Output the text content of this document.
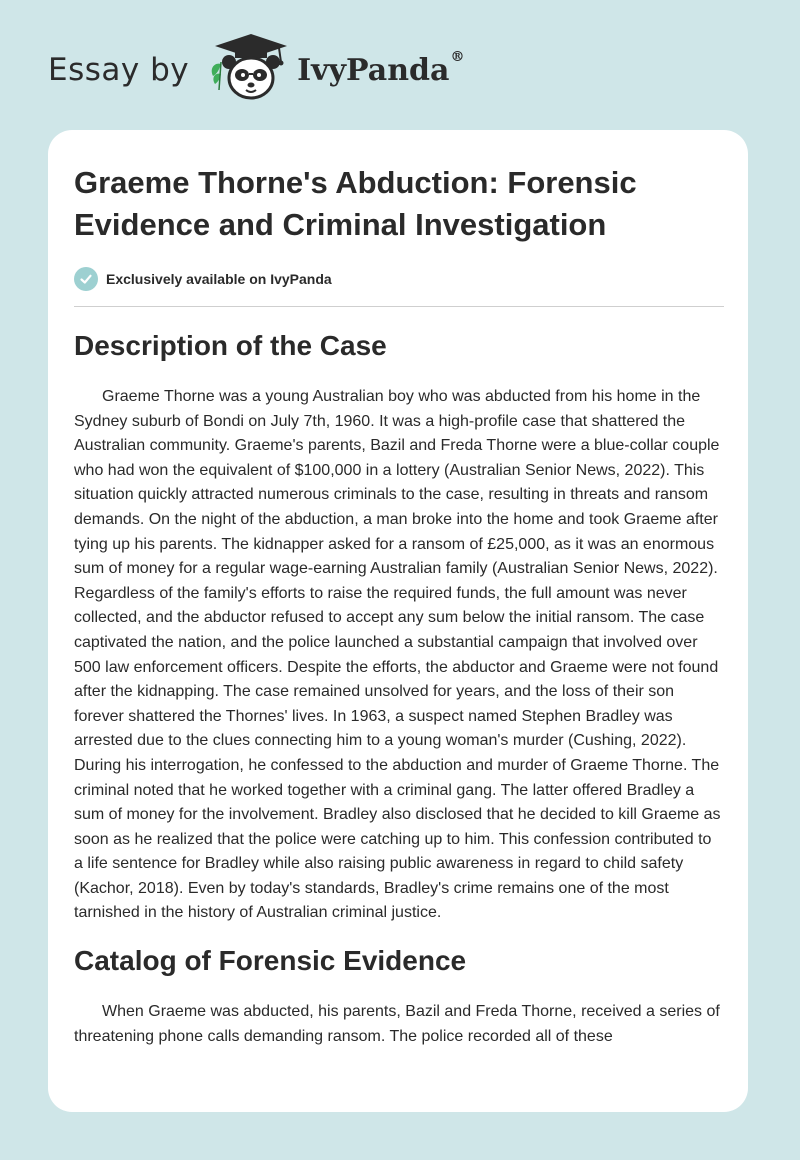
Essay by	IvyPanda®
Graeme Thorne's Abduction: Forensic Evidence and Criminal Investigation
Exclusively available on IvyPanda
Description of the Case

Graeme Thorne was a young Australian boy who was abducted from his home in the Sydney suburb of Bondi on July 7th, 1960. It was a high-profile case that shattered the Australian community. Graeme's parents, Bazil and Freda Thorne were a blue-collar couple who had won the equivalent of $100,000 in a lottery (Australian Senior News, 2022). This situation quickly attracted numerous criminals to the case, resulting in threats and ransom demands. On the night of the abduction, a man broke into the home and took Graeme after tying up his parents. The kidnapper asked for a ransom of £25,000, as it was an enormous sum of money for a regular wage-earning Australian family (Australian Senior News, 2022). Regardless of the family's efforts to raise the required funds, the full amount was never collected, and the abductor refused to accept any sum below the initial ransom. The case captivated the nation, and the police launched a substantial campaign that involved over 500 law enforcement officers. Despite the efforts, the abductor and Graeme were not found after the kidnapping. The case remained unsolved for years, and the loss of their son forever shattered the Thornes' lives. In 1963, a suspect named Stephen Bradley was arrested due to the clues connecting him to a young woman's murder (Cushing, 2022). During his interrogation, he confessed to the abduction and murder of Graeme Thorne. The criminal noted that he worked together with a criminal gang. The latter offered Bradley a sum of money for the involvement. Bradley also disclosed that he decided to kill Graeme as soon as he realized that the police were catching up to him. This confession contributed to a life sentence for Bradley while also raising public awareness in regard to child safety (Kachor, 2018). Even by today's standards, Bradley's crime remains one of the most tarnished in the history of Australian criminal justice.

Catalog of Forensic Evidence

When Graeme was abducted, his parents, Bazil and Freda Thorne, received a series of threatening phone calls demanding ransom. The police recorded all of these
